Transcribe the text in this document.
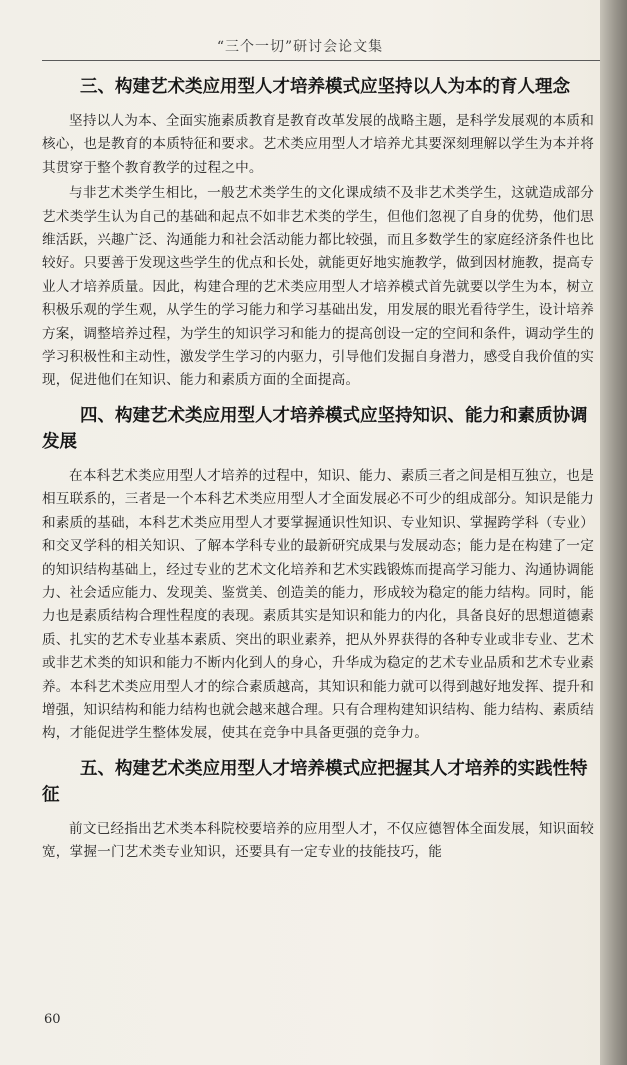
“三个一切”研讨会论文集
三、构建艺术类应用型人才培养模式应坚持以人为本的育人理念

坚持以人为本、全面实施素质教育是教育改革发展的战略主题，是科学发展观的本质和核心，也是教育的本质特征和要求。艺术类应用型人才培养尤其要深刻理解以学生为本并将其贯穿于整个教育教学的过程之中。

与非艺术类学生相比，一般艺术类学生的文化课成绩不及非艺术类学生，这就造成部分艺术类学生认为自己的基础和起点不如非艺术类的学生，但他们忽视了自身的优势，他们思维活跃，兴趣广泛、沟通能力和社会活动能力都比较强，而且多数学生的家庭经济条件也比较好。只要善于发现这些学生的优点和长处，就能更好地实施教学，做到因材施教，提高专业人才培养质量。因此，构建合理的艺术类应用型人才培养模式首先就要以学生为本，树立积极乐观的学生观，从学生的学习能力和学习基础出发，用发展的眼光看待学生，设计培养方案，调整培养过程，为学生的知识学习和能力的提高创设一定的空间和条件，调动学生的学习积极性和主动性，激发学生学习的内驱力，引导他们发掘自身潜力，感受自我价值的实现，促进他们在知识、能力和素质方面的全面提高。

四、构建艺术类应用型人才培养模式应坚持知识、能力和素质协调发展

在本科艺术类应用型人才培养的过程中，知识、能力、素质三者之间是相互独立，也是相互联系的，三者是一个本科艺术类应用型人才全面发展必不可少的组成部分。知识是能力和素质的基础，本科艺术类应用型人才要掌握通识性知识、专业知识、掌握跨学科（专业）和交叉学科的相关知识、了解本学科专业的最新研究成果与发展动态；能力是在构建了一定的知识结构基础上，经过专业的艺术文化培养和艺术实践锻炼而提高学习能力、沟通协调能力、社会适应能力、发现美、鉴赏美、创造美的能力，形成较为稳定的能力结构。同时，能力也是素质结构合理性程度的表现。素质其实是知识和能力的内化，具备良好的思想道德素质、扎实的艺术专业基本素质、突出的职业素养，把从外界获得的各种专业或非专业、艺术或非艺术类的知识和能力不断内化到人的身心，升华成为稳定的艺术专业品质和艺术专业素养。本科艺术类应用型人才的综合素质越高，其知识和能力就可以得到越好地发挥、提升和增强，知识结构和能力结构也就会越来越合理。只有合理构建知识结构、能力结构、素质结构，才能促进学生整体发展，使其在竞争中具备更强的竞争力。

五、构建艺术类应用型人才培养模式应把握其人才培养的实践性特征

前文已经指出艺术类本科院校要培养的应用型人才，不仅应德智体全面发展，知识面较宽，掌握一门艺术类专业知识，还要具有一定专业的技能技巧，能

60
